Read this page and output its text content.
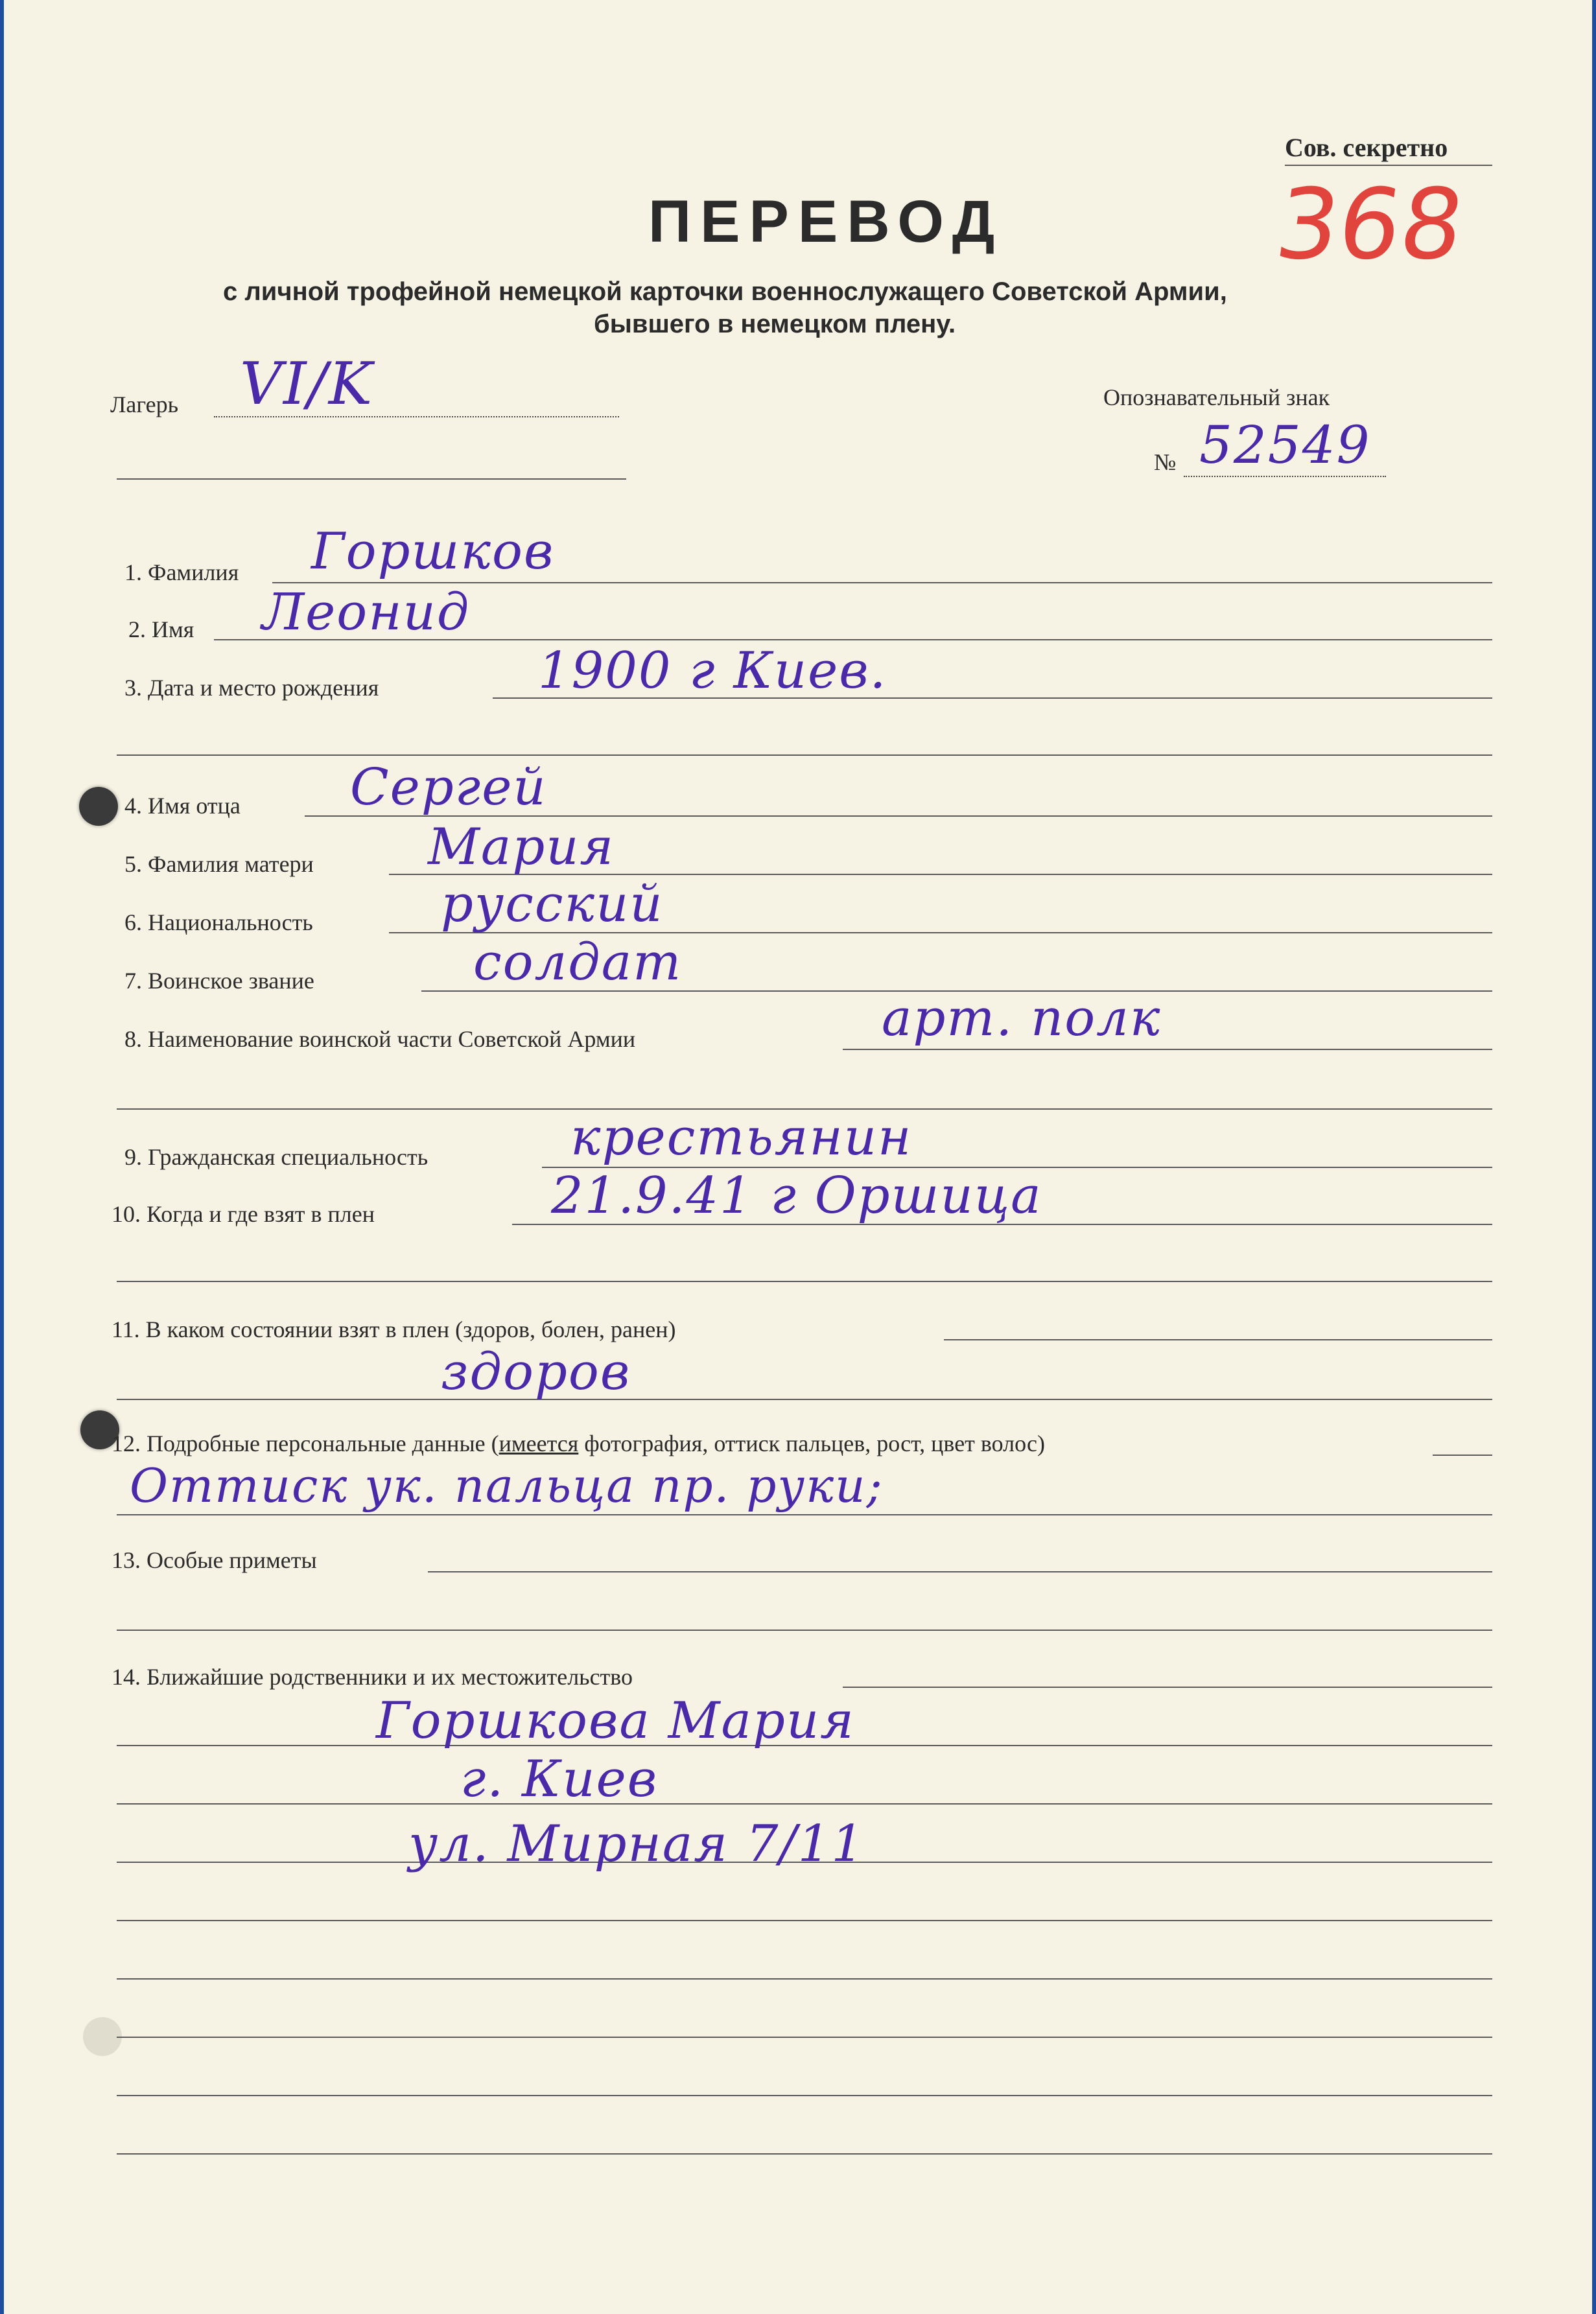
Сов. секретно
368
ПЕРЕВОД
с личной трофейной немецкой карточки военнослужащего Советской Армии,
бывшего в немецком плену.
Лагерь VI/K	Опознавательный знак
№ 52549
1. Фамилия Горшков
2. Имя Леонид
3. Дата и место рождения	1900 г Киев.
4. Имя отца Сергей
5. Фамилия матери Мария
6. Национальность	русский
7. Воинское звание	солдат
8. Наименование воинской части Советской Армии	арт. полк
9. Гражданская специальность	крестьянин
10. Когда и где взят в плен	21.9.41 г Оршица
11. В каком состоянии взят в плен (здоров, болен, ранен)
здоров
12. Подробные персональные данные (имеется фотография, оттиск пальцев, рост, цвет волос)
Оттиск ук. пальца пр. руки;
13. Особые приметы
14. Ближайшие родственники и их местожительство
Горшкова Мария
г. Киев
ул. Мирная 7/11
